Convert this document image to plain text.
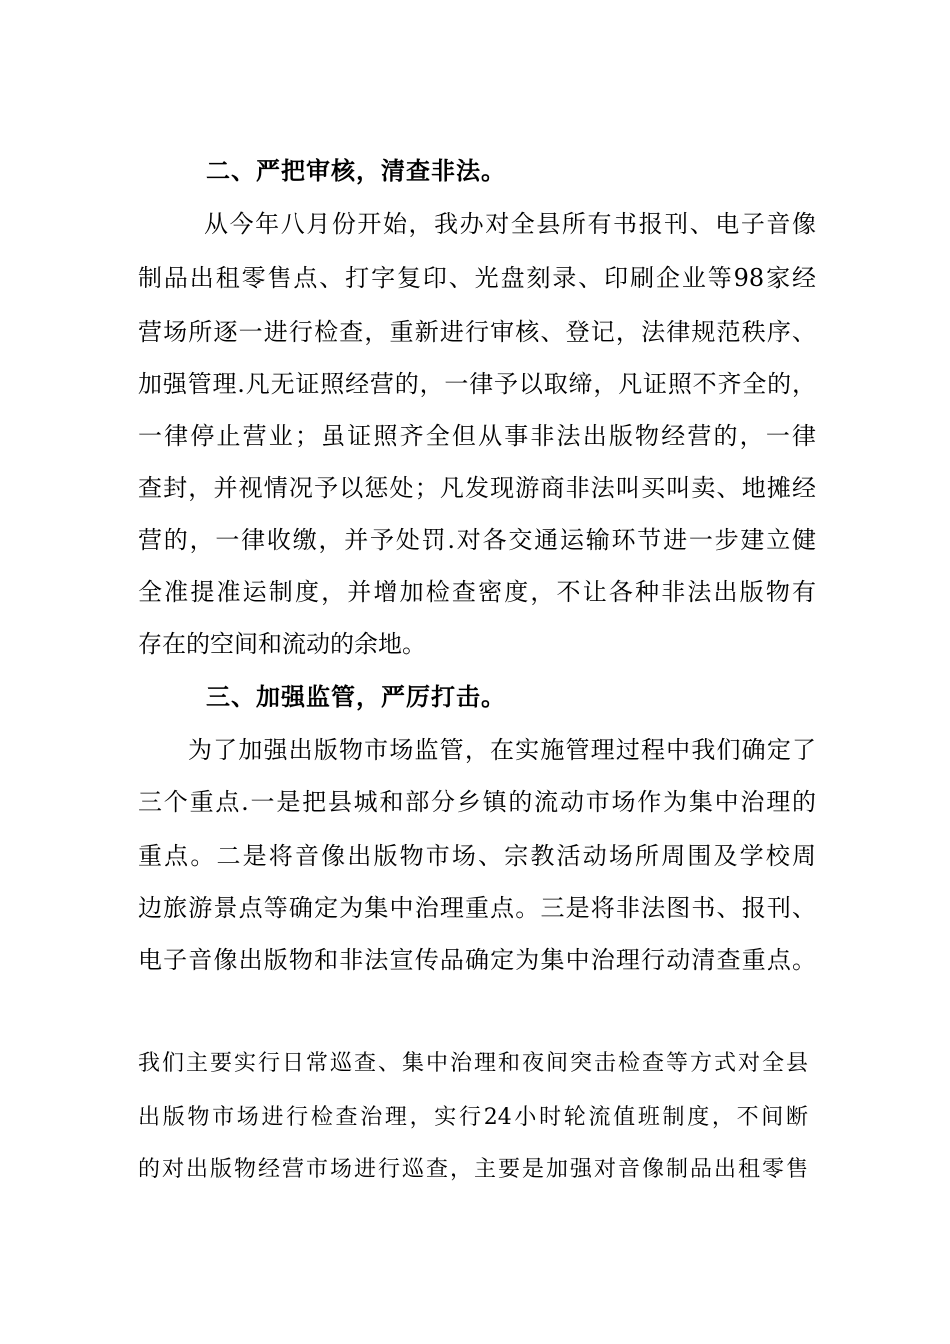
二、严把审核，清查非法。
从今年八月份开始，我办对全县所有书报刊、电子音像
制品出租零售点、打字复印、光盘刻录、印刷企业等98家经
营场所逐一进行检查，重新进行审核、登记，法律规范秩序、
加强管理.凡无证照经营的，一律予以取缔，凡证照不齐全的，
一律停止营业；虽证照齐全但从事非法出版物经营的，一律
查封，并视情况予以惩处；凡发现游商非法叫买叫卖、地摊经
营的，一律收缴，并予处罚.对各交通运输环节进一步建立健
全准提准运制度，并增加检查密度，不让各种非法出版物有
存在的空间和流动的余地。
三、加强监管，严厉打击。
为了加强出版物市场监管，在实施管理过程中我们确定了
三个重点.一是把县城和部分乡镇的流动市场作为集中治理的
重点。二是将音像出版物市场、宗教活动场所周围及学校周
边旅游景点等确定为集中治理重点。三是将非法图书、报刊、
电子音像出版物和非法宣传品确定为集中治理行动清查重点。
我们主要实行日常巡查、集中治理和夜间突击检查等方式对全县
出版物市场进行检查治理，实行24小时轮流值班制度，不间断
的对出版物经营市场进行巡查，主要是加强对音像制品出租零售
